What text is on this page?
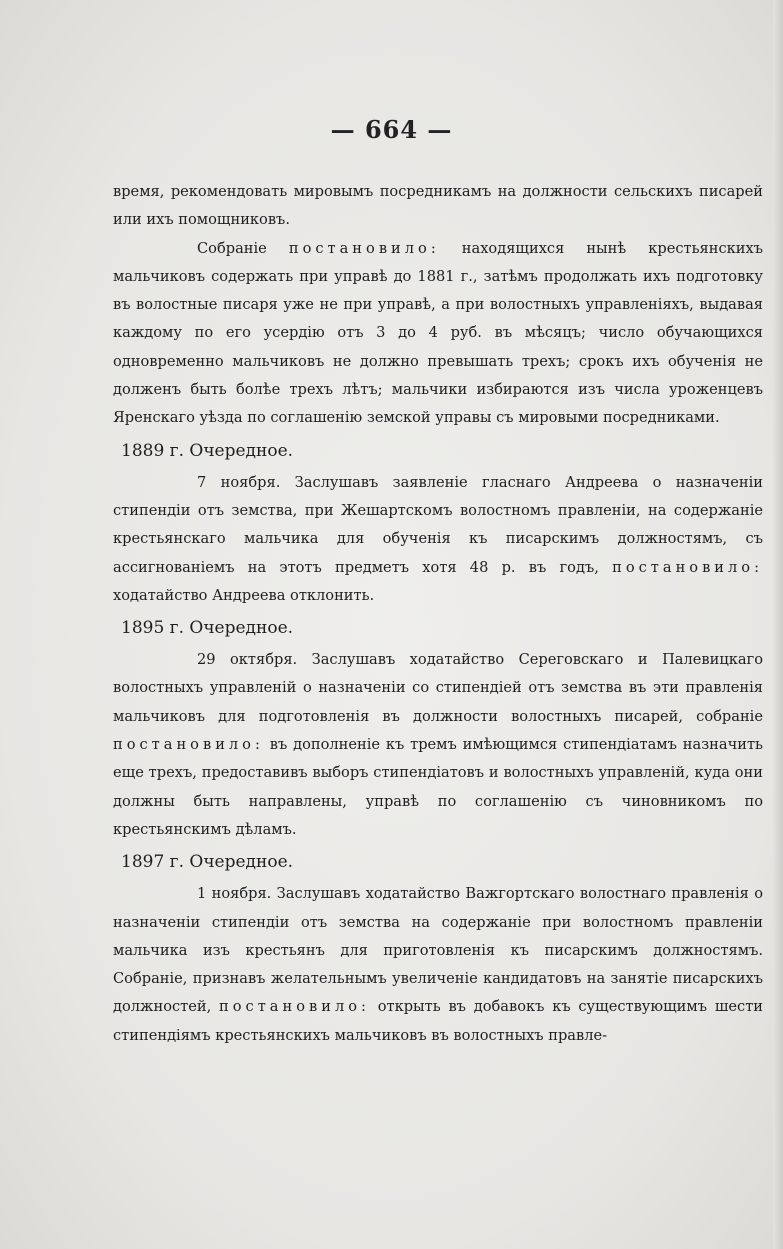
— 664 —

время, рекомендовать мировымъ посредникамъ на должности сельскихъ писарей или ихъ помощниковъ.

Собраніе постановило: находящихся нынѣ крестьянскихъ мальчиковъ содержать при управѣ до 1881 г., затѣмъ продолжать ихъ подготовку въ волостные писаря уже не при управѣ, а при волостныхъ управленіяхъ, выдавая каждому по его усердію отъ 3 до 4 руб. въ мѣсяцъ; число обучающихся одновременно мальчиковъ не должно превышать трехъ; срокъ ихъ обученія не долженъ быть болѣе трехъ лѣтъ; мальчики избираются изъ числа уроженцевъ Яренскаго уѣзда по соглашенію земской управы съ мировыми посредниками.

1889 г. Очередное.

7 ноября. Заслушавъ заявленіе гласнаго Андреева о назначеніи стипендіи отъ земства, при Жешартскомъ волостномъ правленіи, на содержаніе крестьянскаго мальчика для обученія къ писарскимъ должностямъ, съ ассигнованіемъ на этотъ предметъ хотя 48 р. въ годъ, постановило: ходатайство Андреева отклонить.

1895 г. Очередное.

29 октября. Заслушавъ ходатайство Сереговскаго и Палевицкаго волостныхъ управленій о назначеніи со стипендіей отъ земства въ эти правленія мальчиковъ для подготовленія въ должности волостныхъ писарей, собраніе постановило: въ дополненіе къ тремъ имѣющимся стипендіатамъ назначить еще трехъ, предоставивъ выборъ стипендіатовъ и волостныхъ управленій, куда они должны быть направлены, управѣ по соглашенію съ чиновникомъ по крестьянскимъ дѣламъ.

1897 г. Очередное.

1 ноября. Заслушавъ ходатайство Важгортскаго волостнаго правленія о назначеніи стипендіи отъ земства на содержаніе при волостномъ правленіи мальчика изъ крестьянъ для приготовленія къ писарскимъ должностямъ. Собраніе, признавъ желательнымъ увеличеніе кандидатовъ на занятіе писарскихъ должностей, постановило: открыть въ добавокъ къ существующимъ шести стипендіямъ крестьянскихъ мальчиковъ въ волостныхъ правле-
